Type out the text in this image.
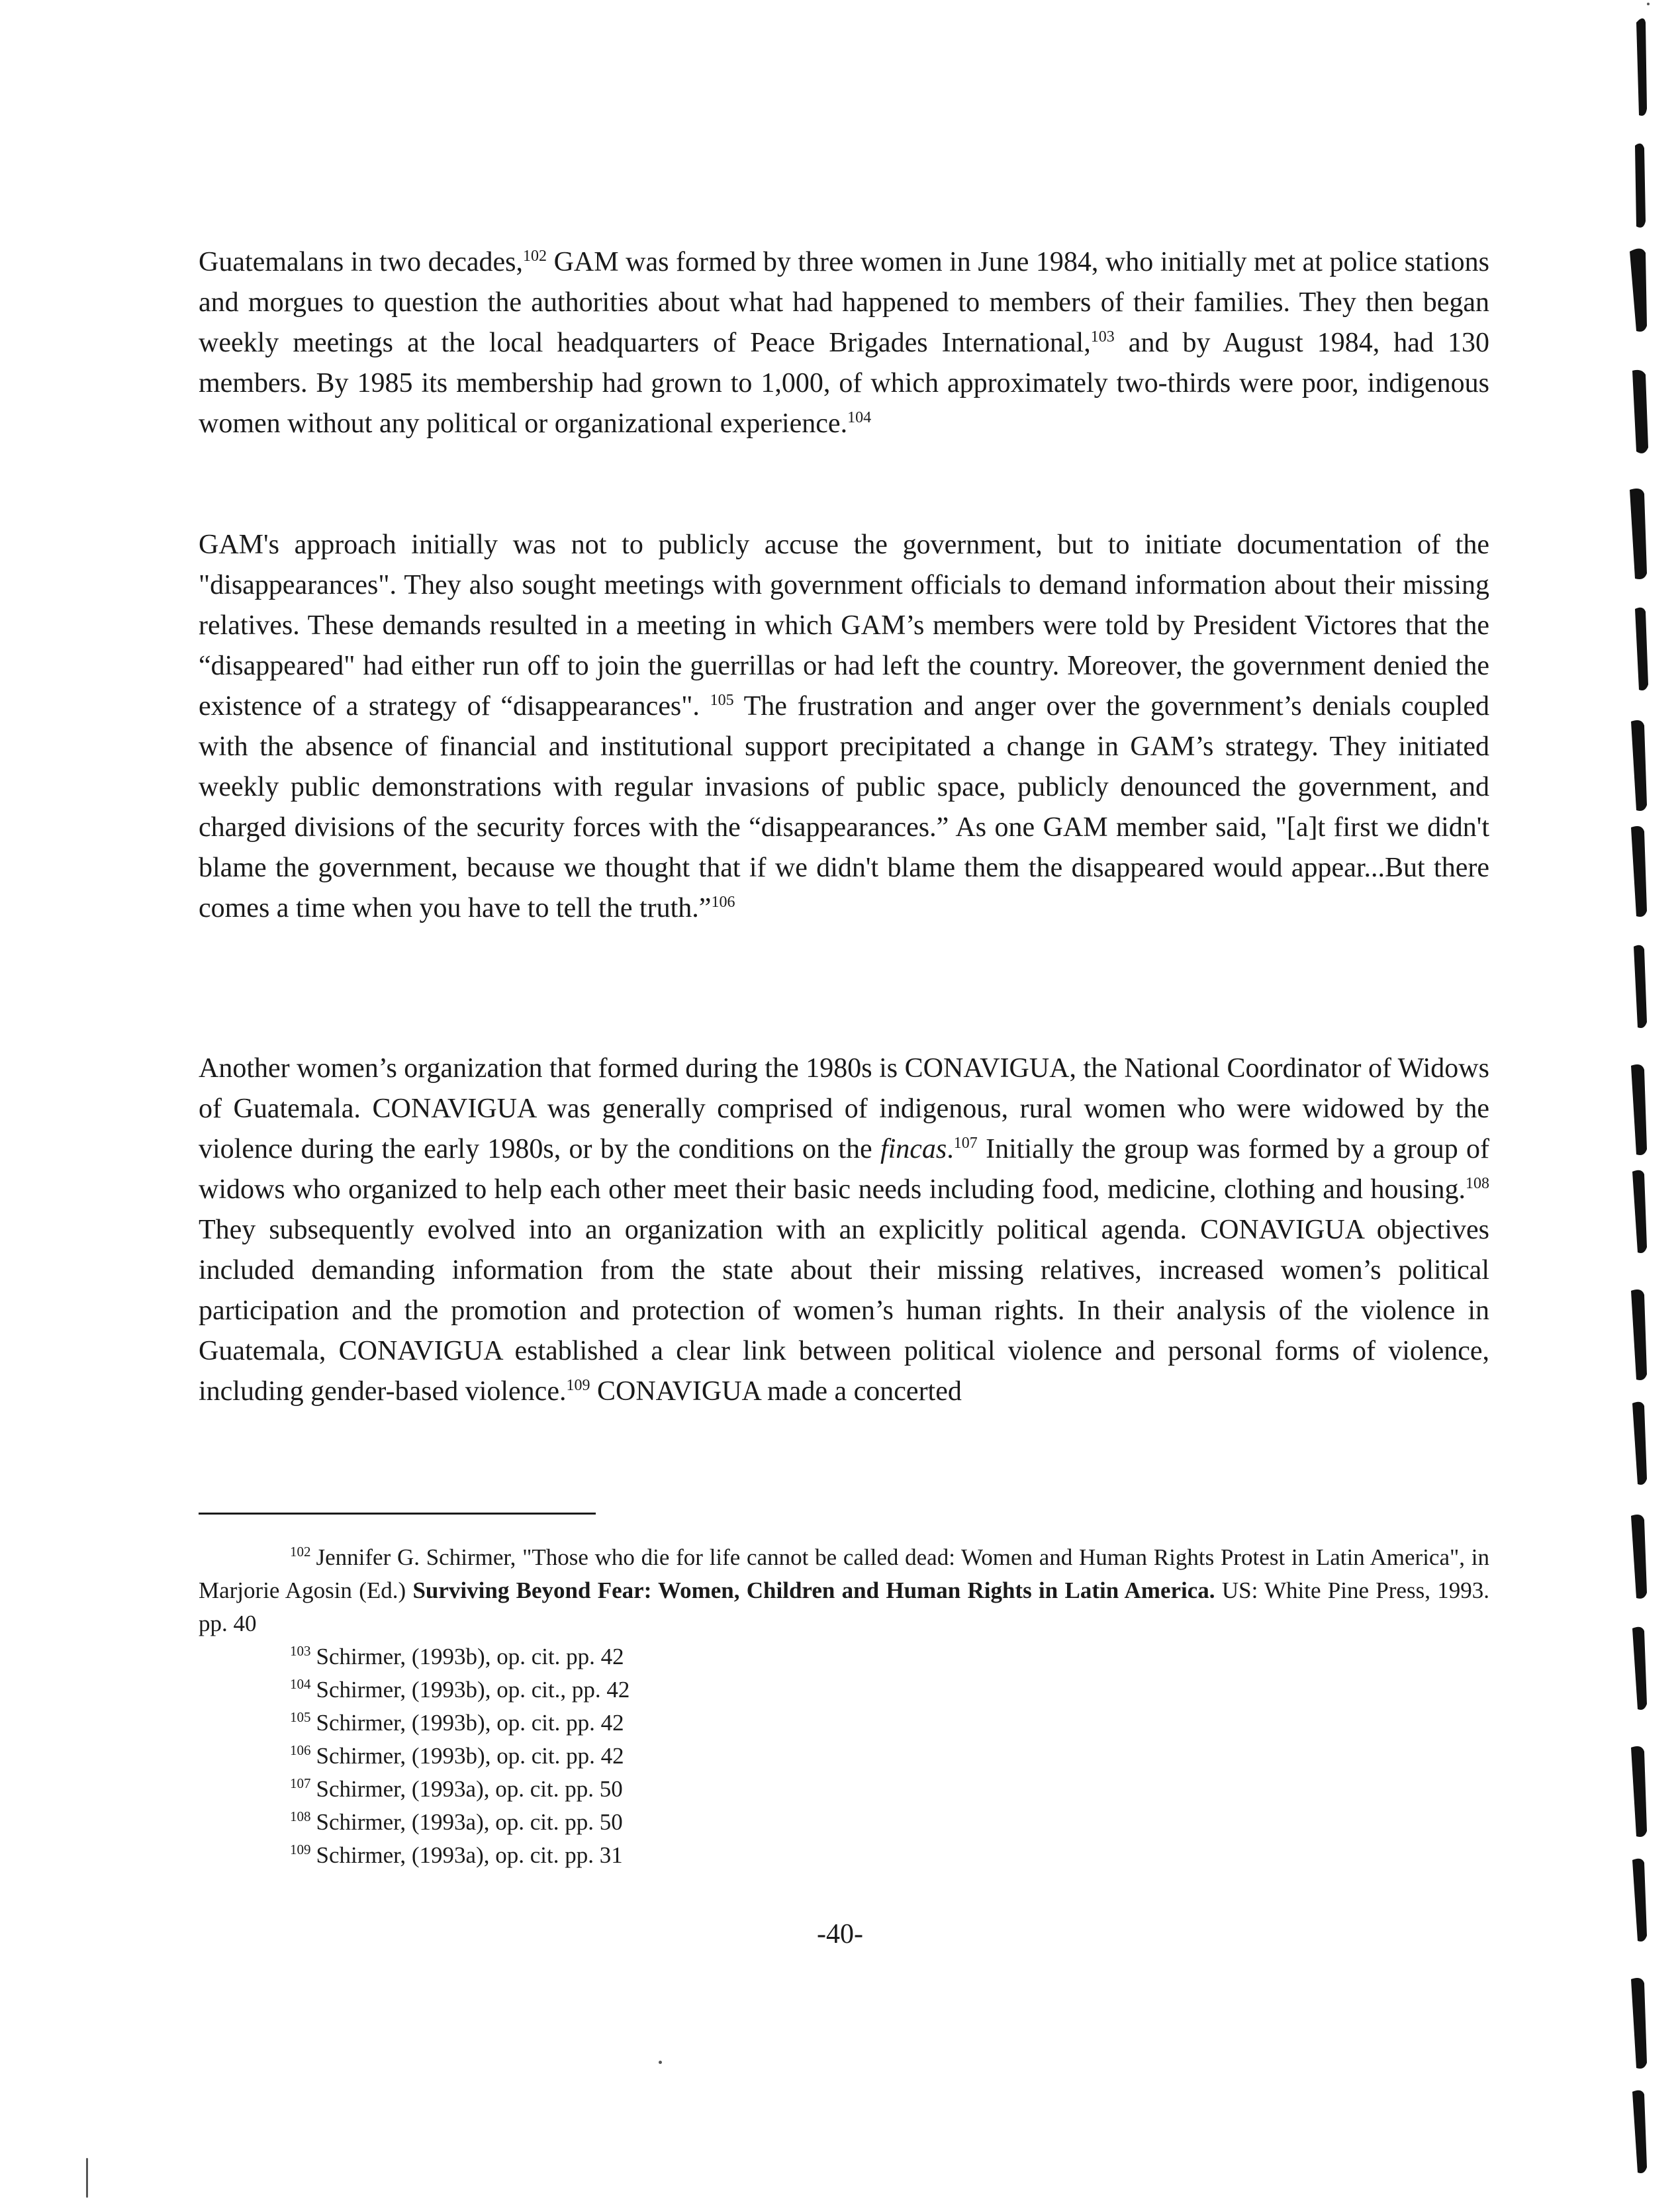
Guatemalans in two decades,$^{102}$ GAM was formed by three women in June 1984, who initially met at police stations and morgues to question the authorities about what had happened to members of their families. They then began weekly meetings at the local headquarters of Peace Brigades International,$^{103}$ and by August 1984, had 130 members. By 1985 its membership had grown to 1,000, of which approximately two-thirds were poor, indigenous women without any political or organizational experience.$^{104}$
GAM's approach initially was not to publicly accuse the government, but to initiate documentation of the "disappearances". They also sought meetings with government officials to demand information about their missing relatives. These demands resulted in a meeting in which GAM’s members were told by President Victores that the “disappeared" had either run off to join the guerrillas or had left the country. Moreover, the government denied the existence of a strategy of “disappearances". $^{105}$ The frustration and anger over the government’s denials coupled with the absence of financial and institutional support precipitated a change in GAM’s strategy. They initiated weekly public demonstrations with regular invasions of public space, publicly denounced the government, and charged divisions of the security forces with the “disappearances.” As one GAM member said, "[a]t first we didn't blame the government, because we thought that if we didn't blame them the disappeared would appear...But there comes a time when you have to tell the truth.”$^{106}$
Another women’s organization that formed during the 1980s is CONAVIGUA, the National Coordinator of Widows of Guatemala. CONAVIGUA was generally comprised of indigenous, rural women who were widowed by the violence during the early 1980s, or by the conditions on the fincas.$^{107}$ Initially the group was formed by a group of widows who organized to help each other meet their basic needs including food, medicine, clothing and housing.$^{108}$ They subsequently evolved into an organization with an explicitly political agenda. CONAVIGUA objectives included demanding information from the state about their missing relatives, increased women’s political participation and the promotion and protection of women’s human rights. In their analysis of the violence in Guatemala, CONAVIGUA established a clear link between political violence and personal forms of violence, including gender-based violence.$^{109}$ CONAVIGUA made a concerted

$^{102}$ Jennifer G. Schirmer, "Those who die for life cannot be called dead: Women and Human Rights Protest in Latin America", in Marjorie Agosin (Ed.) Surviving Beyond Fear: Women, Children and Human Rights in Latin America. US: White Pine Press, 1993. pp. 40

$^{103}$ Schirmer, (1993b), op. cit. pp. 42

$^{104}$ Schirmer, (1993b), op. cit., pp. 42

$^{105}$ Schirmer, (1993b), op. cit. pp. 42

$^{106}$ Schirmer, (1993b), op. cit. pp. 42

$^{107}$ Schirmer, (1993a), op. cit. pp. 50

$^{108}$ Schirmer, (1993a), op. cit. pp. 50

$^{109}$ Schirmer, (1993a), op. cit. pp. 31

-40-
